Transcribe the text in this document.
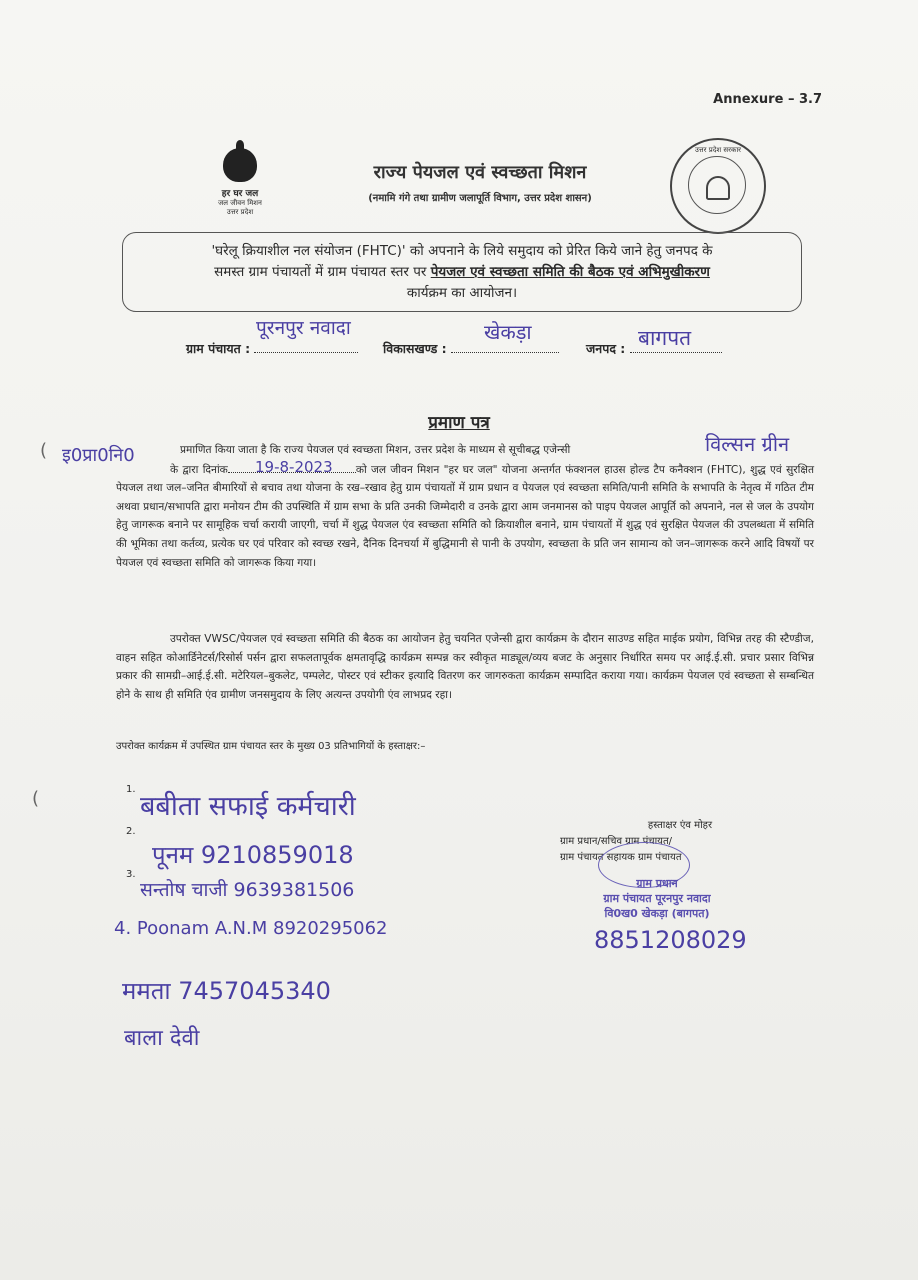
Annexure – 3.7
हर घर जल
जल जीवन मिशन
उत्तर प्रदेश
राज्य पेयजल एवं स्वच्छता मिशन
(नमामि गंगे तथा ग्रामीण जलापूर्ति विभाग, उत्तर प्रदेश शासन)
उत्तर प्रदेश सरकार
'घरेलू क्रियाशील नल संयोजन (FHTC)' को अपनाने के लिये समुदाय को प्रेरित किये जाने हेतु जनपद के
समस्त ग्राम पंचायतों में ग्राम पंचायत स्तर पर पेयजल एवं स्वच्छता समिति की बैठक एवं अभिमुखीकरण
कार्यक्रम का आयोजन।
ग्राम पंचायत :
पूरनपुर नवादा
विकासखण्ड :
खेकड़ा
जनपद : बागपत
प्रमाण पत्र
( इ0प्रा0नि0	विल्सन ग्रीन
19-8-2023
प्रमाणित किया जाता है कि राज्य पेयजल एवं स्वच्छता मिशन, उत्तर प्रदेश के माध्यम से सूचीबद्ध एजेन्सी
के द्वारा दिनांक	को जल जीवन मिशन "हर घर जल" योजना अन्तर्गत फंक्शनल हाउस होल्ड टैप कनैक्शन (FHTC), शुद्ध एवं सुरक्षित पेयजल तथा जल–जनित बीमारियों से बचाव तथा योजना के रख–रखाव हेतु ग्राम पंचायतों में ग्राम प्रधान व पेयजल एवं स्वच्छता समिति/पानी समिति के सभापति के नेतृत्व में गठित टीम अथवा प्रधान/सभापति द्वारा मनोयन टीम की उपस्थिति में ग्राम सभा के प्रति उनकी जिम्मेदारी व उनके द्वारा आम जनमानस को पाइप पेयजल आपूर्ति को अपनाने, नल से जल के उपयोग हेतु जागरूक बनाने पर सामूहिक चर्चा करायी जाएगी, चर्चा में शुद्ध पेयजल एंव स्वच्छता समिति को क्रियाशील बनाने, ग्राम पंचायतों में शुद्ध एवं सुरक्षित पेयजल की उपलब्धता में समिति की भूमिका तथा कर्तव्य, प्रत्येक घर एवं परिवार को स्वच्छ रखने, दैनिक दिनचर्या में बुद्धिमानी से पानी के उपयोग, स्वच्छता के प्रति जन सामान्य को जन–जागरूक करने आदि विषयों पर पेयजल एवं स्वच्छता समिति को जागरूक किया गया।
उपरोक्त VWSC/पेयजल एवं स्वच्छता समिति की बैठक का आयोजन हेतु चयनित एजेन्सी द्वारा कार्यक्रम के दौरान साउण्ड सहित माईक प्रयोग, विभिन्न तरह की स्टैण्डीज, वाहन सहित कोआर्डिनेटर्स/रिसोर्स पर्सन द्वारा सफलतापूर्वक क्षमतावृद्धि कार्यक्रम सम्पन्न कर स्वीकृत माड्यूल/व्यय बजट के अनुसार निर्धारित समय पर आई.ई.सी. प्रचार प्रसार विभिन्न प्रकार की सामग्री–आई.ई.सी. मटेरियल–बुकलेट, पम्पलेट, पोस्टर एवं स्टीकर इत्यादि वितरण कर जागरुकता कार्यक्रम सम्पादित कराया गया। कार्यक्रम पेयजल एवं स्वच्छता से सम्बन्धित होने के साथ ही समिति एंव ग्रामीण जनसमुदाय के लिए अत्यन्त उपयोगी एंव लाभप्रद रहा।
उपरोक्त कार्यक्रम में उपस्थित ग्राम पंचायत स्तर के मुख्य 03 प्रतिभागियों के हस्ताक्षर:–
(	1.
2.
3.
बबीता सफाई कर्मचारी
पूनम 9210859018
सन्तोष चाजी 9639381506
4. Poonam A.N.M 8920295062
ममता 7457045340
बाला देवी
हस्ताक्षर एंव मोहर
ग्राम प्रधान/सचिव ग्राम पंचायत/
ग्राम पंचायत सहायक ग्राम पंचायत
ग्राम प्रधान
ग्राम पंचायत पूरनपुर नवादा
वि0ख0 खेकड़ा (बागपत)
8851208029
